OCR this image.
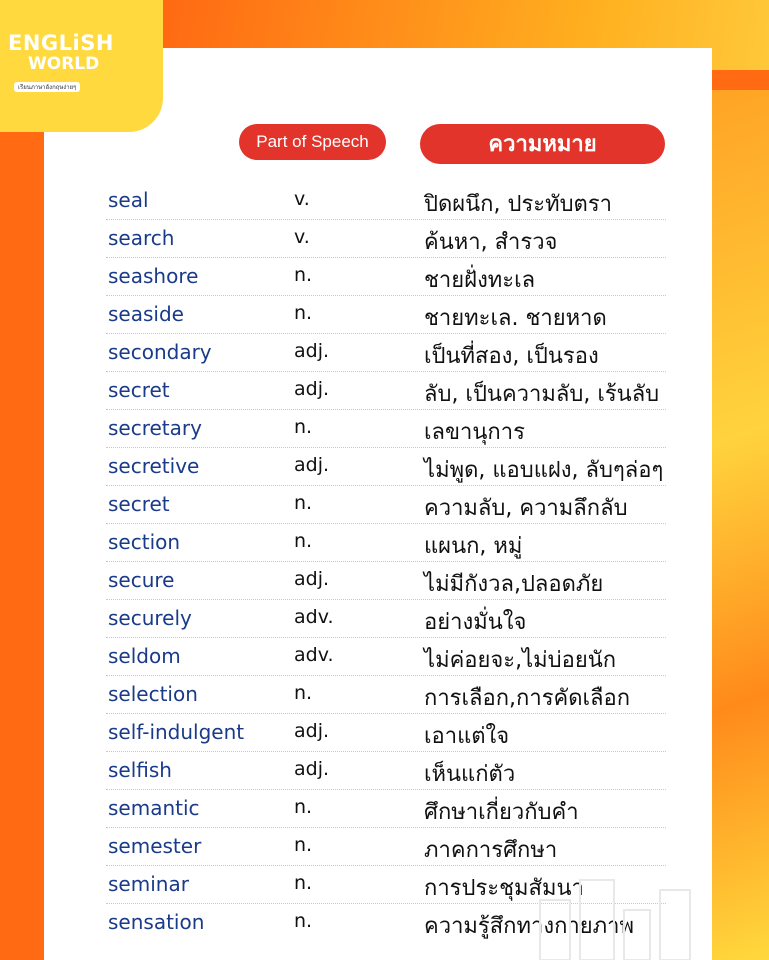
ENGLiSH
WORLD
เรียนภาษาอังกฤษง่ายๆ
Part of Speech	ความหมาย
seal	v.	ปิดผนึก, ประทับตรา
search	v.	ค้นหา, สำรวจ
seashore	n.	ชายฝั่งทะเล
seaside	n.	ชายทะเล. ชายหาด
secondary	adj.	เป็นที่สอง, เป็นรอง
secret	adj.	ลับ, เป็นความลับ, เร้นลับ
secretary	n.	เลขานุการ
secretive	adj.	ไม่พูด, แอบแฝง, ลับๆล่อๆ
secret	n.	ความลับ, ความลึกลับ
section	n.	แผนก, หมู่
secure	adj.	ไม่มีกังวล,ปลอดภัย
securely	adv.	อย่างมั่นใจ
seldom	adv.	ไม่ค่อยจะ,ไม่บ่อยนัก
selection	n.	การเลือก,การคัดเลือก
self-indulgent	adj.	เอาแต่ใจ
selfish	adj.	เห็นแก่ตัว
semantic	n.	ศึกษาเกี่ยวกับคำ
semester	n.	ภาคการศึกษา
seminar	n.	การประชุมสัมนา
sensation	n.	ความรู้สึกทางกายภาพ
